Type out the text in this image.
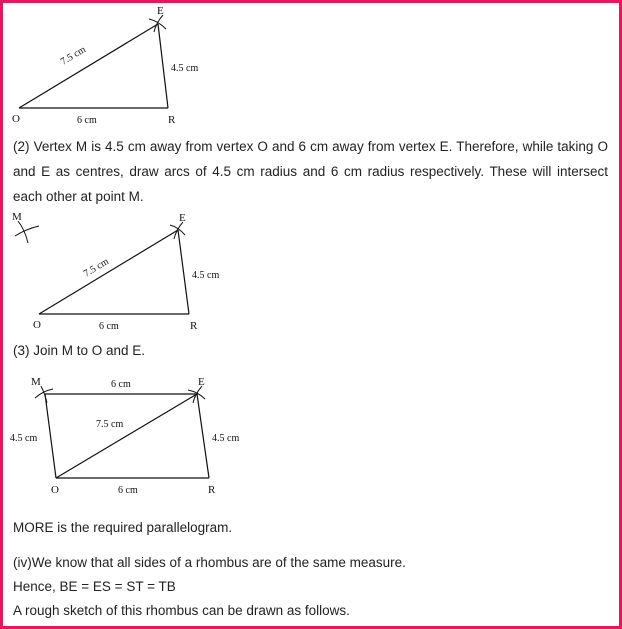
E
O	R
6 cm
4.5 cm
7.5 cm

(2) Vertex M is 4.5 cm away from vertex O and 6 cm away from vertex E. Therefore, while taking O and E as centres, draw arcs of 4.5 cm radius and 6 cm radius respectively. These will intersect each other at point M.

M	E
O	R
6 cm
4.5 cm
7.5 cm
(3) Join M to O and E.
M	E
O	R
6 cm
6 cm
4.5 cm	4.5 cm
7.5 cm
MORE is the required parallelogram.
(iv)We know that all sides of a rhombus are of the same measure.
Hence, BE = ES = ST = TB
A rough sketch of this rhombus can be drawn as follows.
